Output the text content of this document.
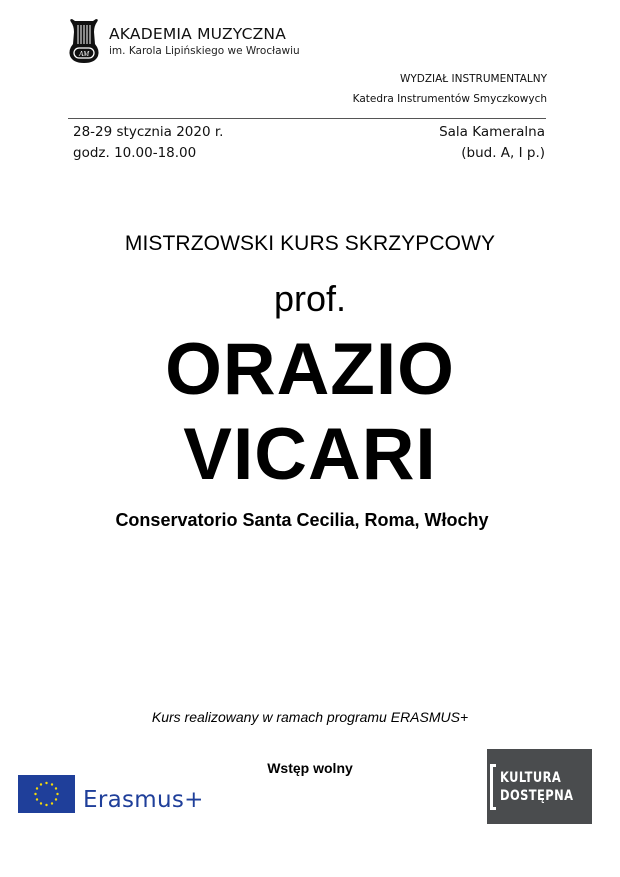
AM
AKADEMIA MUZYCZNA
im. Karola Lipińskiego we Wrocławiu
WYDZIAŁ INSTRUMENTALNY
Katedra Instrumentów Smyczkowych
28-29 stycznia 2020 r.
godz. 10.00-18.00
Sala Kameralna
(bud. A, I p.)
MISTRZOWSKI KURS SKRZYPCOWY
prof.
ORAZIO
VICARI
Conservatorio Santa Cecilia, Roma, Włochy
Kurs realizowany w ramach programu ERASMUS+
Wstęp wolny
Erasmus+
KULTURA
DOSTĘPNA
